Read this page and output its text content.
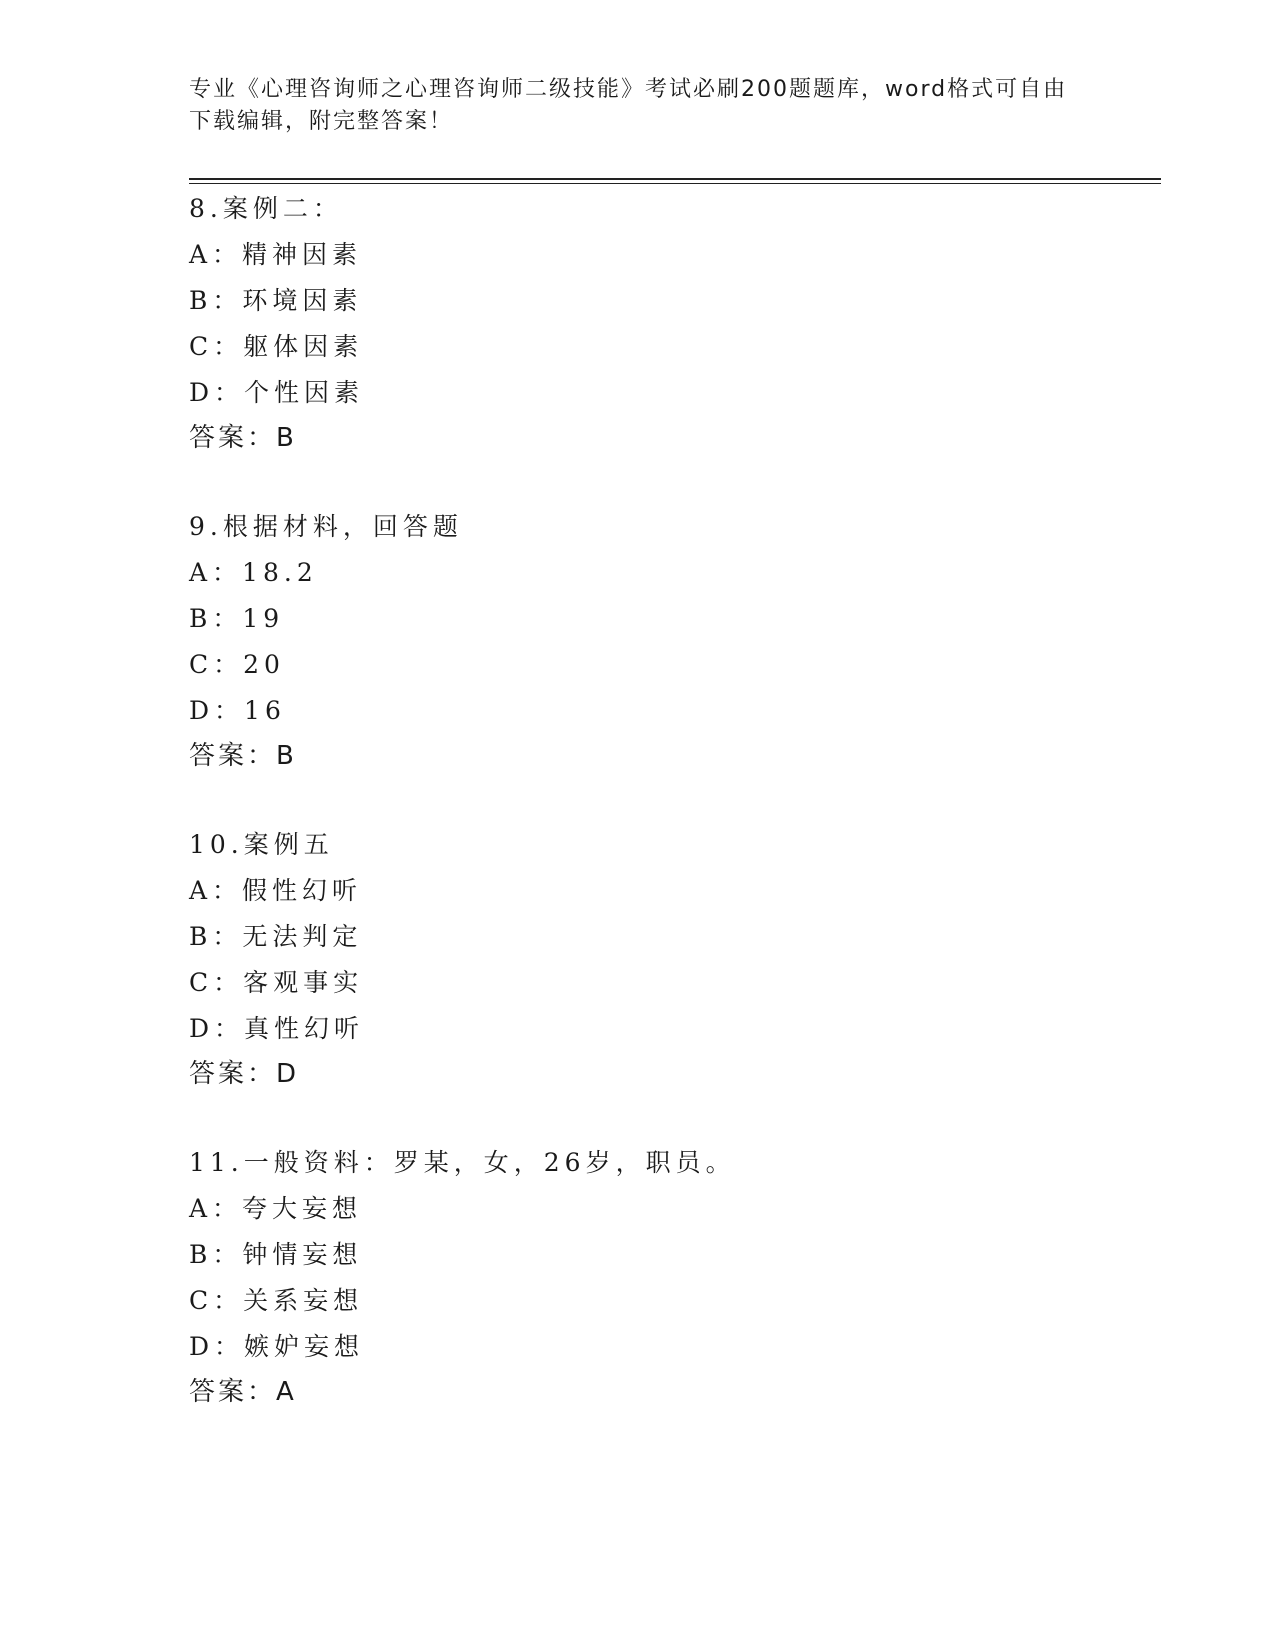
专业《心理咨询师之心理咨询师二级技能》考试必刷200题题库，word格式可自由下载编辑，附完整答案！
8.案例二：
A：精神因素
B：环境因素
C：躯体因素
D：个性因素
答案：B
9.根据材料，回答题
A：18.2
B：19
C：20
D：16
答案：B
10.案例五
A：假性幻听
B：无法判定
C：客观事实
D：真性幻听
答案：D
11.一般资料：罗某，女，26岁，职员。
A：夸大妄想
B：钟情妄想
C：关系妄想
D：嫉妒妄想
答案：A
